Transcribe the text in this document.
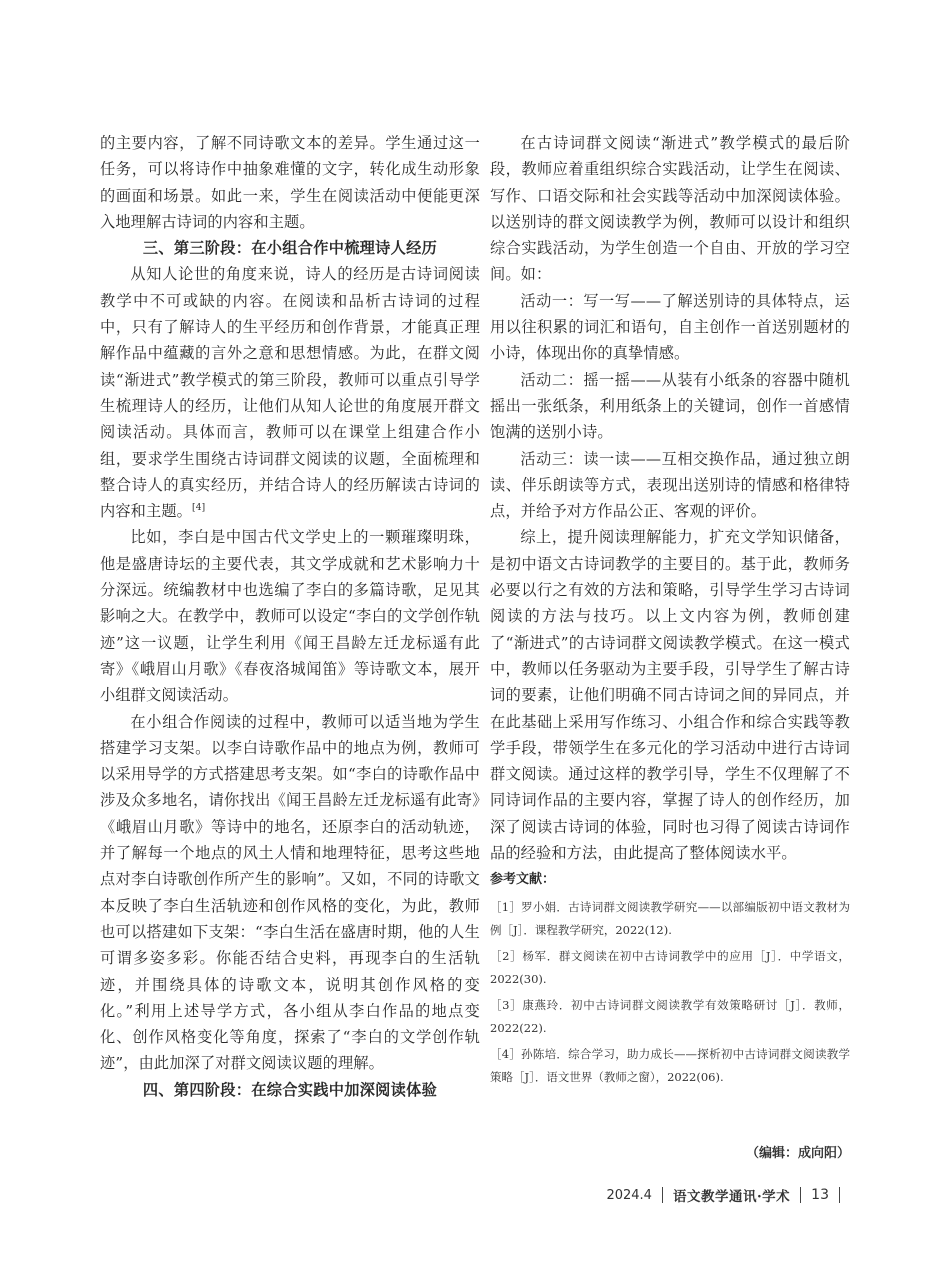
的主要内容，了解不同诗歌文本的差异。学生通过这一任务，可以将诗作中抽象难懂的文字，转化成生动形象的画面和场景。如此一来，学生在阅读活动中便能更深入地理解古诗词的内容和主题。

三、第三阶段：在小组合作中梳理诗人经历

从知人论世的角度来说，诗人的经历是古诗词阅读教学中不可或缺的内容。在阅读和品析古诗词的过程中，只有了解诗人的生平经历和创作背景，才能真正理解作品中蕴藏的言外之意和思想情感。为此，在群文阅读“渐进式”教学模式的第三阶段，教师可以重点引导学生梳理诗人的经历，让他们从知人论世的角度展开群文阅读活动。具体而言，教师可以在课堂上组建合作小组，要求学生围绕古诗词群文阅读的议题，全面梳理和整合诗人的真实经历，并结合诗人的经历解读古诗词的内容和主题。[4]

比如，李白是中国古代文学史上的一颗璀璨明珠，他是盛唐诗坛的主要代表，其文学成就和艺术影响力十分深远。统编教材中也选编了李白的多篇诗歌，足见其影响之大。在教学中，教师可以设定“李白的文学创作轨迹”这一议题，让学生利用《闻王昌龄左迁龙标遥有此寄》《峨眉山月歌》《春夜洛城闻笛》等诗歌文本，展开小组群文阅读活动。

在小组合作阅读的过程中，教师可以适当地为学生搭建学习支架。以李白诗歌作品中的地点为例，教师可以采用导学的方式搭建思考支架。如“李白的诗歌作品中涉及众多地名，请你找出《闻王昌龄左迁龙标遥有此寄》《峨眉山月歌》等诗中的地名，还原李白的活动轨迹，并了解每一个地点的风土人情和地理特征，思考这些地点对李白诗歌创作所产生的影响”。又如，不同的诗歌文本反映了李白生活轨迹和创作风格的变化，为此，教师也可以搭建如下支架：“李白生活在盛唐时期，他的人生可谓多姿多彩。你能否结合史料，再现李白的生活轨迹，并围绕具体的诗歌文本，说明其创作风格的变化。”利用上述导学方式，各小组从李白作品的地点变化、创作风格变化等角度，探索了“李白的文学创作轨迹”，由此加深了对群文阅读议题的理解。

四、第四阶段：在综合实践中加深阅读体验

在古诗词群文阅读“渐进式”教学模式的最后阶段，教师应着重组织综合实践活动，让学生在阅读、写作、口语交际和社会实践等活动中加深阅读体验。以送别诗的群文阅读教学为例，教师可以设计和组织综合实践活动，为学生创造一个自由、开放的学习空间。如：

活动一：写一写——了解送别诗的具体特点，运用以往积累的词汇和语句，自主创作一首送别题材的小诗，体现出你的真挚情感。

活动二：摇一摇——从装有小纸条的容器中随机摇出一张纸条，利用纸条上的关键词，创作一首感情饱满的送别小诗。

活动三：读一读——互相交换作品，通过独立朗读、伴乐朗读等方式，表现出送别诗的情感和格律特点，并给予对方作品公正、客观的评价。

综上，提升阅读理解能力，扩充文学知识储备，是初中语文古诗词教学的主要目的。基于此，教师务必要以行之有效的方法和策略，引导学生学习古诗词阅读的方法与技巧。以上文内容为例，教师创建了“渐进式”的古诗词群文阅读教学模式。在这一模式中，教师以任务驱动为主要手段，引导学生了解古诗词的要素，让他们明确不同古诗词之间的异同点，并在此基础上采用写作练习、小组合作和综合实践等教学手段，带领学生在多元化的学习活动中进行古诗词群文阅读。通过这样的教学引导，学生不仅理解了不同诗词作品的主要内容，掌握了诗人的创作经历，加深了阅读古诗词的体验，同时也习得了阅读古诗词作品的经验和方法，由此提高了整体阅读水平。

参考文献：

［1］罗小娟．古诗词群文阅读教学研究——以部编版初中语文教材为例［J］．课程教学研究，2022(12).

［2］杨军．群文阅读在初中古诗词教学中的应用［J］．中学语文，2022(30).

［3］康燕玲．初中古诗词群文阅读教学有效策略研讨［J］．教师，2022(22).

［4］孙陈培．综合学习，助力成长——探析初中古诗词群文阅读教学策略［J］．语文世界（教师之窗），2022(06).

（编辑：成向阳）
2024.4 语文教学通讯·学术 13
